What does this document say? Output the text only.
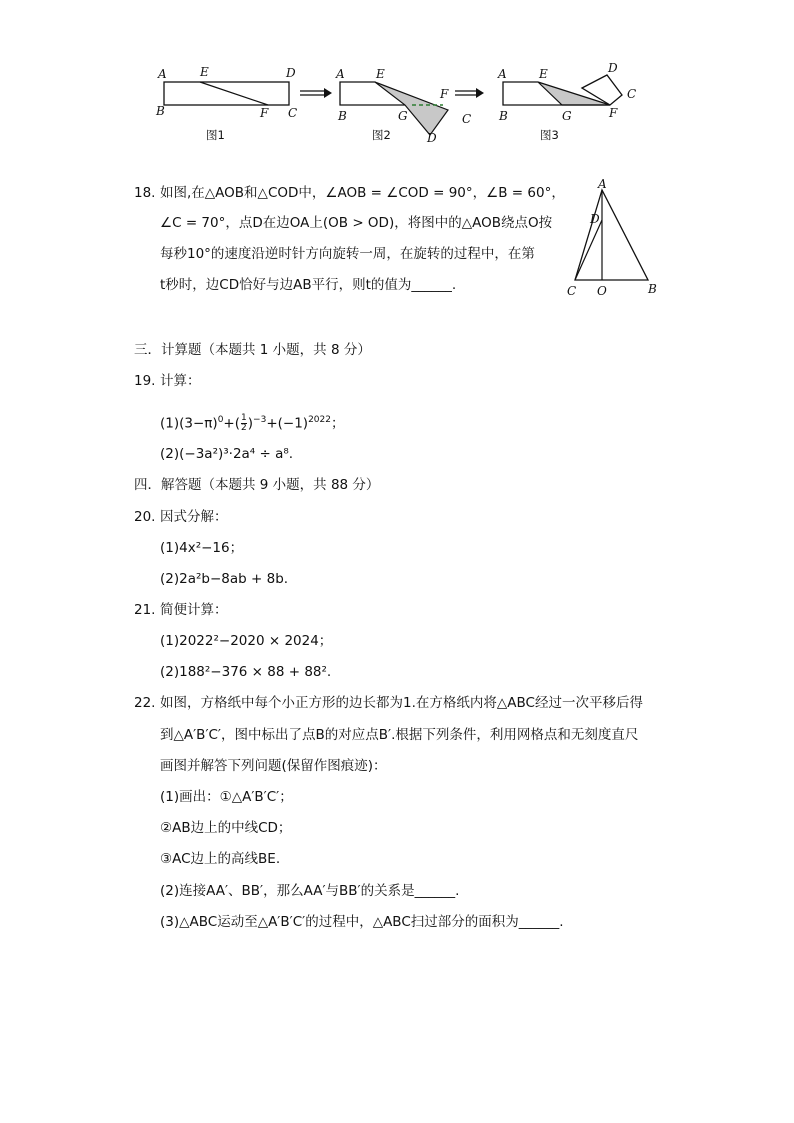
A	E	D
B	F C
图1
A	E
F
B	G	C
D
图2
A	E	D
C
B	G	F
图3
18. 如图,在△AOB和△COD中，∠AOB = ∠COD = 90°，∠B = 60°，
∠C = 70°，点D在边OA上(OB > OD)，将图中的△AOB绕点O按
每秒10°的速度沿逆时针方向旋转一周，在旋转的过程中，在第
t秒时，边CD恰好与边AB平行，则t的值为______.
A
D
C O	B
三．计算题（本题共 1 小题，共 8 分）
19. 计算：
$(1)(3-\pi)^0+( \frac{1}{2} )^{-3}+(-1)^{2022}$；
(2)(−3a²)³·2a⁴ ÷ a⁸.
四．解答题（本题共 9 小题，共 88 分）
20. 因式分解：
(1)4x²−16；
(2)2a²b−8ab + 8b.
21. 简便计算：
(1)2022²−2020 × 2024；
(2)188²−376 × 88 + 88².
22. 如图，方格纸中每个小正方形的边长都为1.在方格纸内将△ABC经过一次平移后得
到△A′B′C′，图中标出了点B的对应点B′.根据下列条件，利用网格点和无刻度直尺
画图并解答下列问题(保留作图痕迹)：
(1)画出：①△A′B′C′；
②AB边上的中线CD；
③AC边上的高线BE.
(2)连接AA′、BB′，那么AA′与BB′的关系是______.
(3)△ABC运动至△A′B′C′的过程中，△ABC扫过部分的面积为______.
